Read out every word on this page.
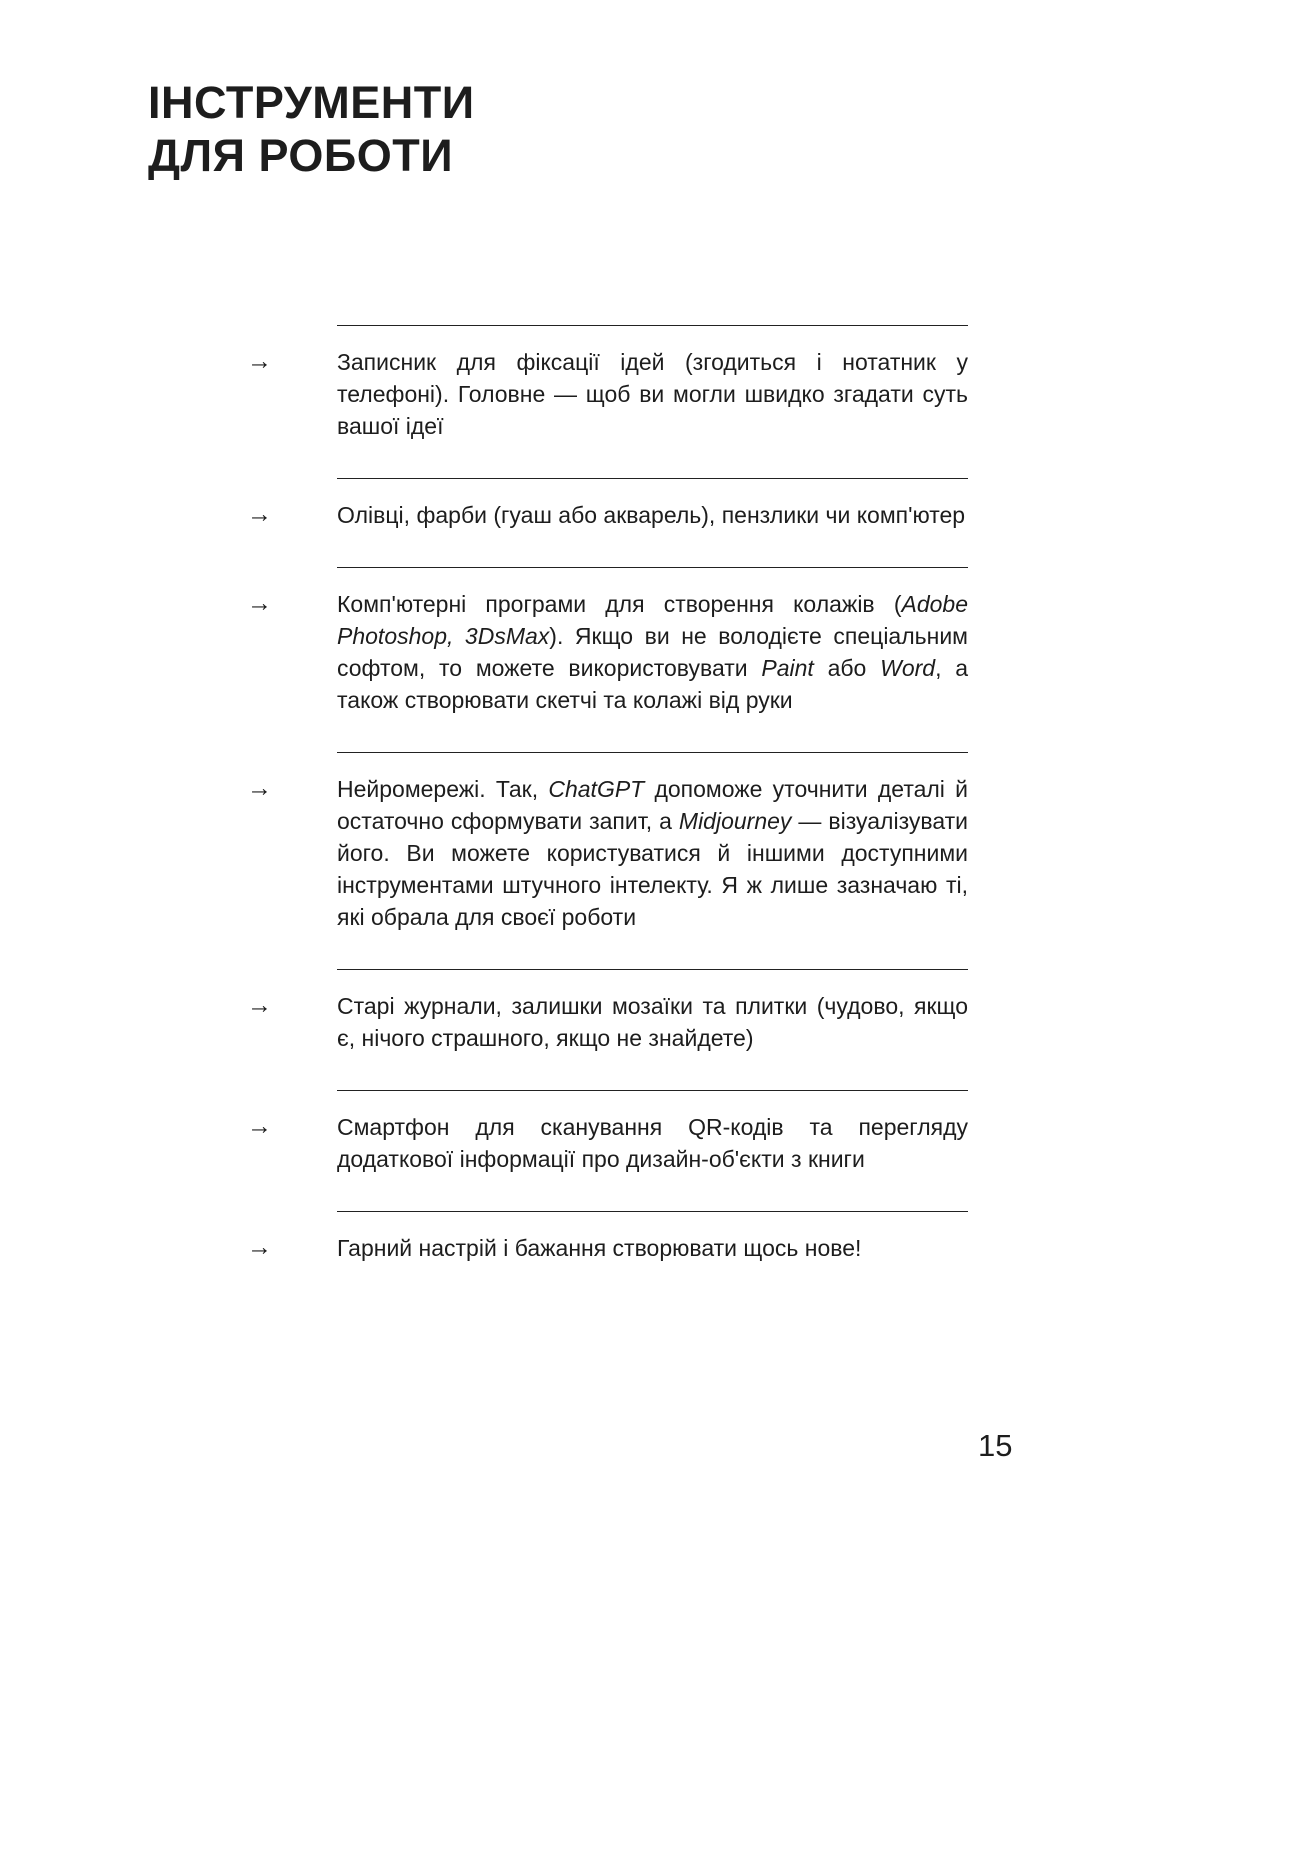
ІНСТРУМЕНТИ
ДЛЯ РОБОТИ
→	Записник для фіксації ідей (згодиться і нотатник у телефоні). Головне — щоб ви могли швидко згадати суть вашої ідеї

→	Олівці, фарби (гуаш або акварель), пензлики чи комп'ютер

→	Комп'ютерні програми для створення колажів (Adobe Photoshop, 3DsMax). Якщо ви не володієте спеціальним софтом, то можете використовувати Paint або Word, а також створювати скетчі та колажі від руки

→	Нейромережі. Так, ChatGPT допоможе уточнити деталі й остаточно сформувати запит, а Midjourney — візуалізувати його. Ви можете користуватися й іншими доступними інструментами штучного інтелекту. Я ж лише зазначаю ті, які обрала для своєї роботи

→	Старі журнали, залишки мозаїки та плитки (чудово, якщо є, нічого страшного, якщо не знайдете)

→	Смартфон для сканування QR-кодів та перегляду додаткової інформації про дизайн-об'єкти з книги

→	Гарний настрій і бажання створювати щось нове!

15
